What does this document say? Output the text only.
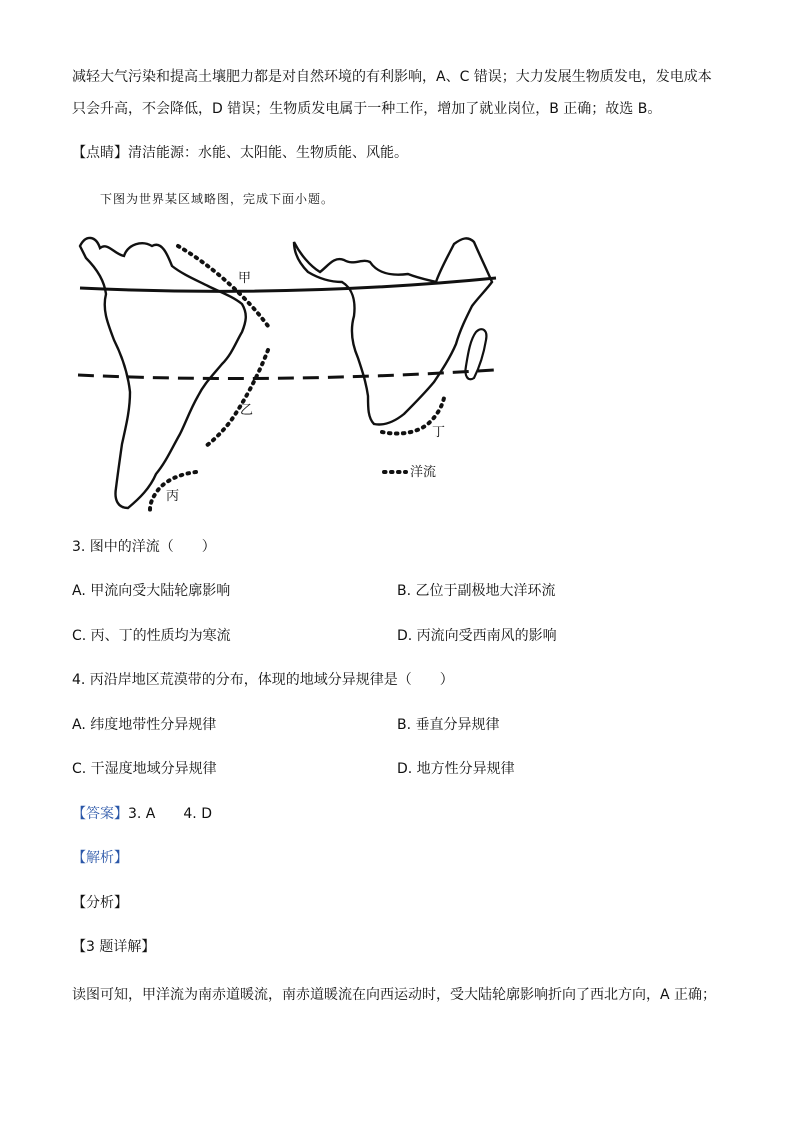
减轻大气污染和提高土壤肥力都是对自然环境的有利影响，A、C 错误；大力发展生物质发电，发电成本
只会升高，不会降低，D 错误；生物质发电属于一种工作，增加了就业岗位，B 正确；故选 B。
【点睛】清洁能源：水能、太阳能、生物质能、风能。
下图为世界某区域略图，完成下面小题。
甲
乙
丙
丁
洋流
3. 图中的洋流（　　）
A. 甲流向受大陆轮廓影响	B. 乙位于副极地大洋环流
C. 丙、丁的性质均为寒流	D. 丙流向受西南风的影响
4. 丙沿岸地区荒漠带的分布，体现的地域分异规律是（　　）
A. 纬度地带性分异规律	B. 垂直分异规律
C. 干湿度地域分异规律	D. 地方性分异规律
【答案】3. A　　4. D
【解析】
【分析】
【3 题详解】
读图可知，甲洋流为南赤道暖流，南赤道暖流在向西运动时，受大陆轮廓影响折向了西北方向，A 正确；
